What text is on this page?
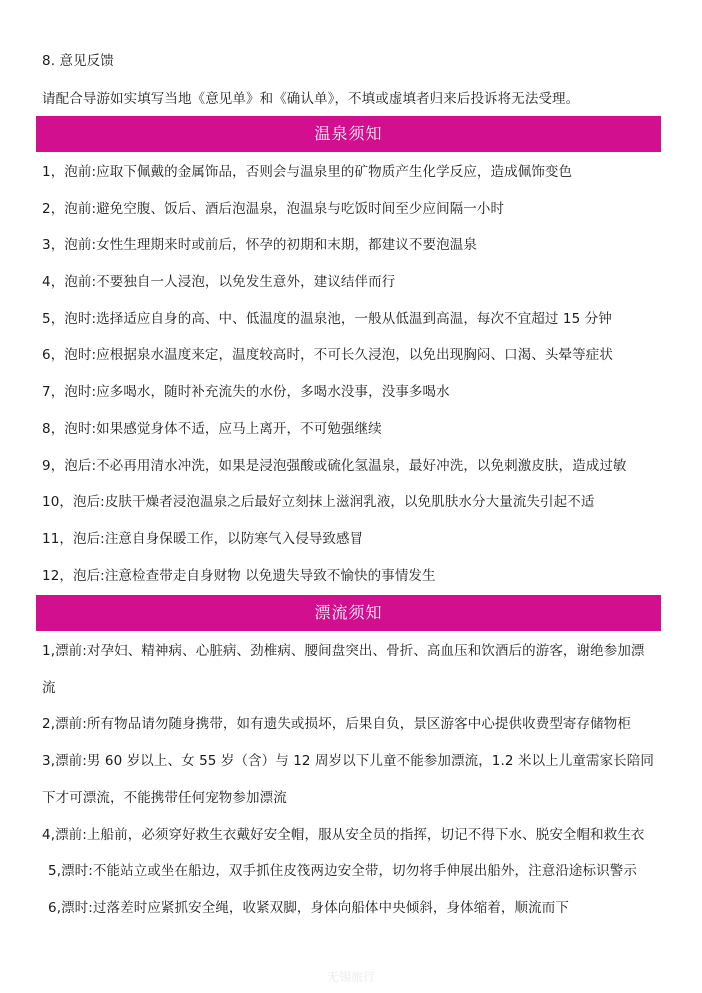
8. 意见反馈
请配合导游如实填写当地《意见单》和《确认单》，不填或虚填者归来后投诉将无法受理。
温泉须知
1，泡前:应取下佩戴的金属饰品，否则会与温泉里的矿物质产生化学反应，造成佩饰变色
2，泡前:避免空腹、饭后、酒后泡温泉，泡温泉与吃饭时间至少应间隔一小时
3，泡前:女性生理期来时或前后，怀孕的初期和末期，都建议不要泡温泉
4，泡前:不要独自一人浸泡，以免发生意外，建议结伴而行
5，泡时:选择适应自身的高、中、低温度的温泉池，一般从低温到高温，每次不宜超过 15 分钟
6，泡时:应根据泉水温度来定，温度较高时，不可长久浸泡，以免出现胸闷、口渴、头晕等症状
7，泡时:应多喝水，随时补充流失的水份，多喝水没事，没事多喝水
8，泡时:如果感觉身体不适，应马上离开，不可勉强继续
9，泡后:不必再用清水冲洗，如果是浸泡强酸或硫化氢温泉，最好冲洗，以免刺激皮肤，造成过敏
10，泡后:皮肤干燥者浸泡温泉之后最好立刻抹上滋润乳液，以免肌肤水分大量流失引起不适
11，泡后:注意自身保暖工作，以防寒气入侵导致感冒
12，泡后:注意检查带走自身财物 以免遗失导致不愉快的事情发生
漂流须知
1,漂前:对孕妇、精神病、心脏病、劲椎病、腰间盘突出、骨折、高血压和饮酒后的游客，谢绝参加漂
流
2,漂前:所有物品请勿随身携带，如有遗失或损坏，后果自负，景区游客中心提供收费型寄存储物柜
3,漂前:男 60 岁以上、女 55 岁（含）与 12 周岁以下儿童不能参加漂流，1.2 米以上儿童需家长陪同
下才可漂流，不能携带任何宠物参加漂流
4,漂前:上船前，必须穿好救生衣戴好安全帽，服从安全员的指挥，切记不得下水、脱安全帽和救生衣
5,漂时:不能站立或坐在船边，双手抓住皮筏两边安全带，切勿将手伸展出船外，注意沿途标识警示
6,漂时:过落差时应紧抓安全绳，收紧双脚，身体向船体中央倾斜，身体缩着，顺流而下
无锡旅行
